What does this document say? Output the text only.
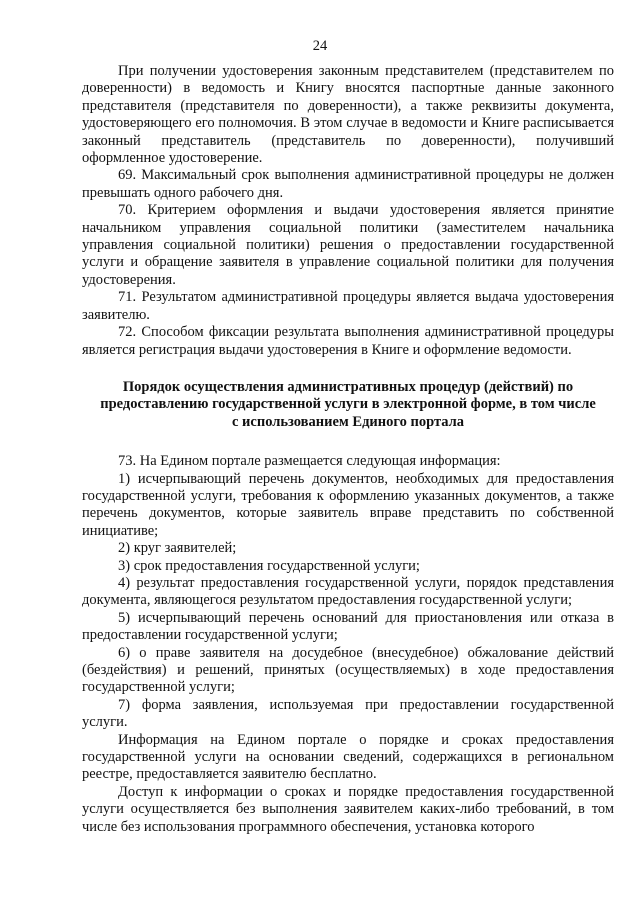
24

При получении удостоверения законным представителем (представителем по доверенности) в ведомость и Книгу вносятся паспортные данные законного представителя (представителя по доверенности), а также реквизиты документа, удостоверяющего его полномочия. В этом случае в ведомости и Книге расписывается законный представитель (представитель по доверенности), получивший оформленное удостоверение.

69. Максимальный срок выполнения административной процедуры не должен превышать одного рабочего дня.

70. Критерием оформления и выдачи удостоверения является принятие начальником управления социальной политики (заместителем начальника управления социальной политики) решения о предоставлении государственной услуги и обращение заявителя в управление социальной политики для получения удостоверения.

71. Результатом административной процедуры является выдача удостоверения заявителю.

72. Способом фиксации результата выполнения административной процедуры является регистрация выдачи удостоверения в Книге и оформление ведомости.

Порядок осуществления административных процедур (действий) по предоставлению государственной услуги в электронной форме, в том числе с использованием Единого портала

73. На Едином портале размещается следующая информация:

1) исчерпывающий перечень документов, необходимых для предоставления государственной услуги, требования к оформлению указанных документов, а также перечень документов, которые заявитель вправе представить по собственной инициативе;

2) круг заявителей;

3) срок предоставления государственной услуги;

4) результат предоставления государственной услуги, порядок представления документа, являющегося результатом предоставления государственной услуги;

5) исчерпывающий перечень оснований для приостановления или отказа в предоставлении государственной услуги;

6) о праве заявителя на досудебное (внесудебное) обжалование действий (бездействия) и решений, принятых (осуществляемых) в ходе предоставления государственной услуги;

7) форма заявления, используемая при предоставлении государственной услуги.

Информация на Едином портале о порядке и сроках предоставления государственной услуги на основании сведений, содержащихся в региональном реестре, предоставляется заявителю бесплатно.

Доступ к информации о сроках и порядке предоставления государственной услуги осуществляется без выполнения заявителем каких-либо требований, в том числе без использования программного обеспечения, установка которого
